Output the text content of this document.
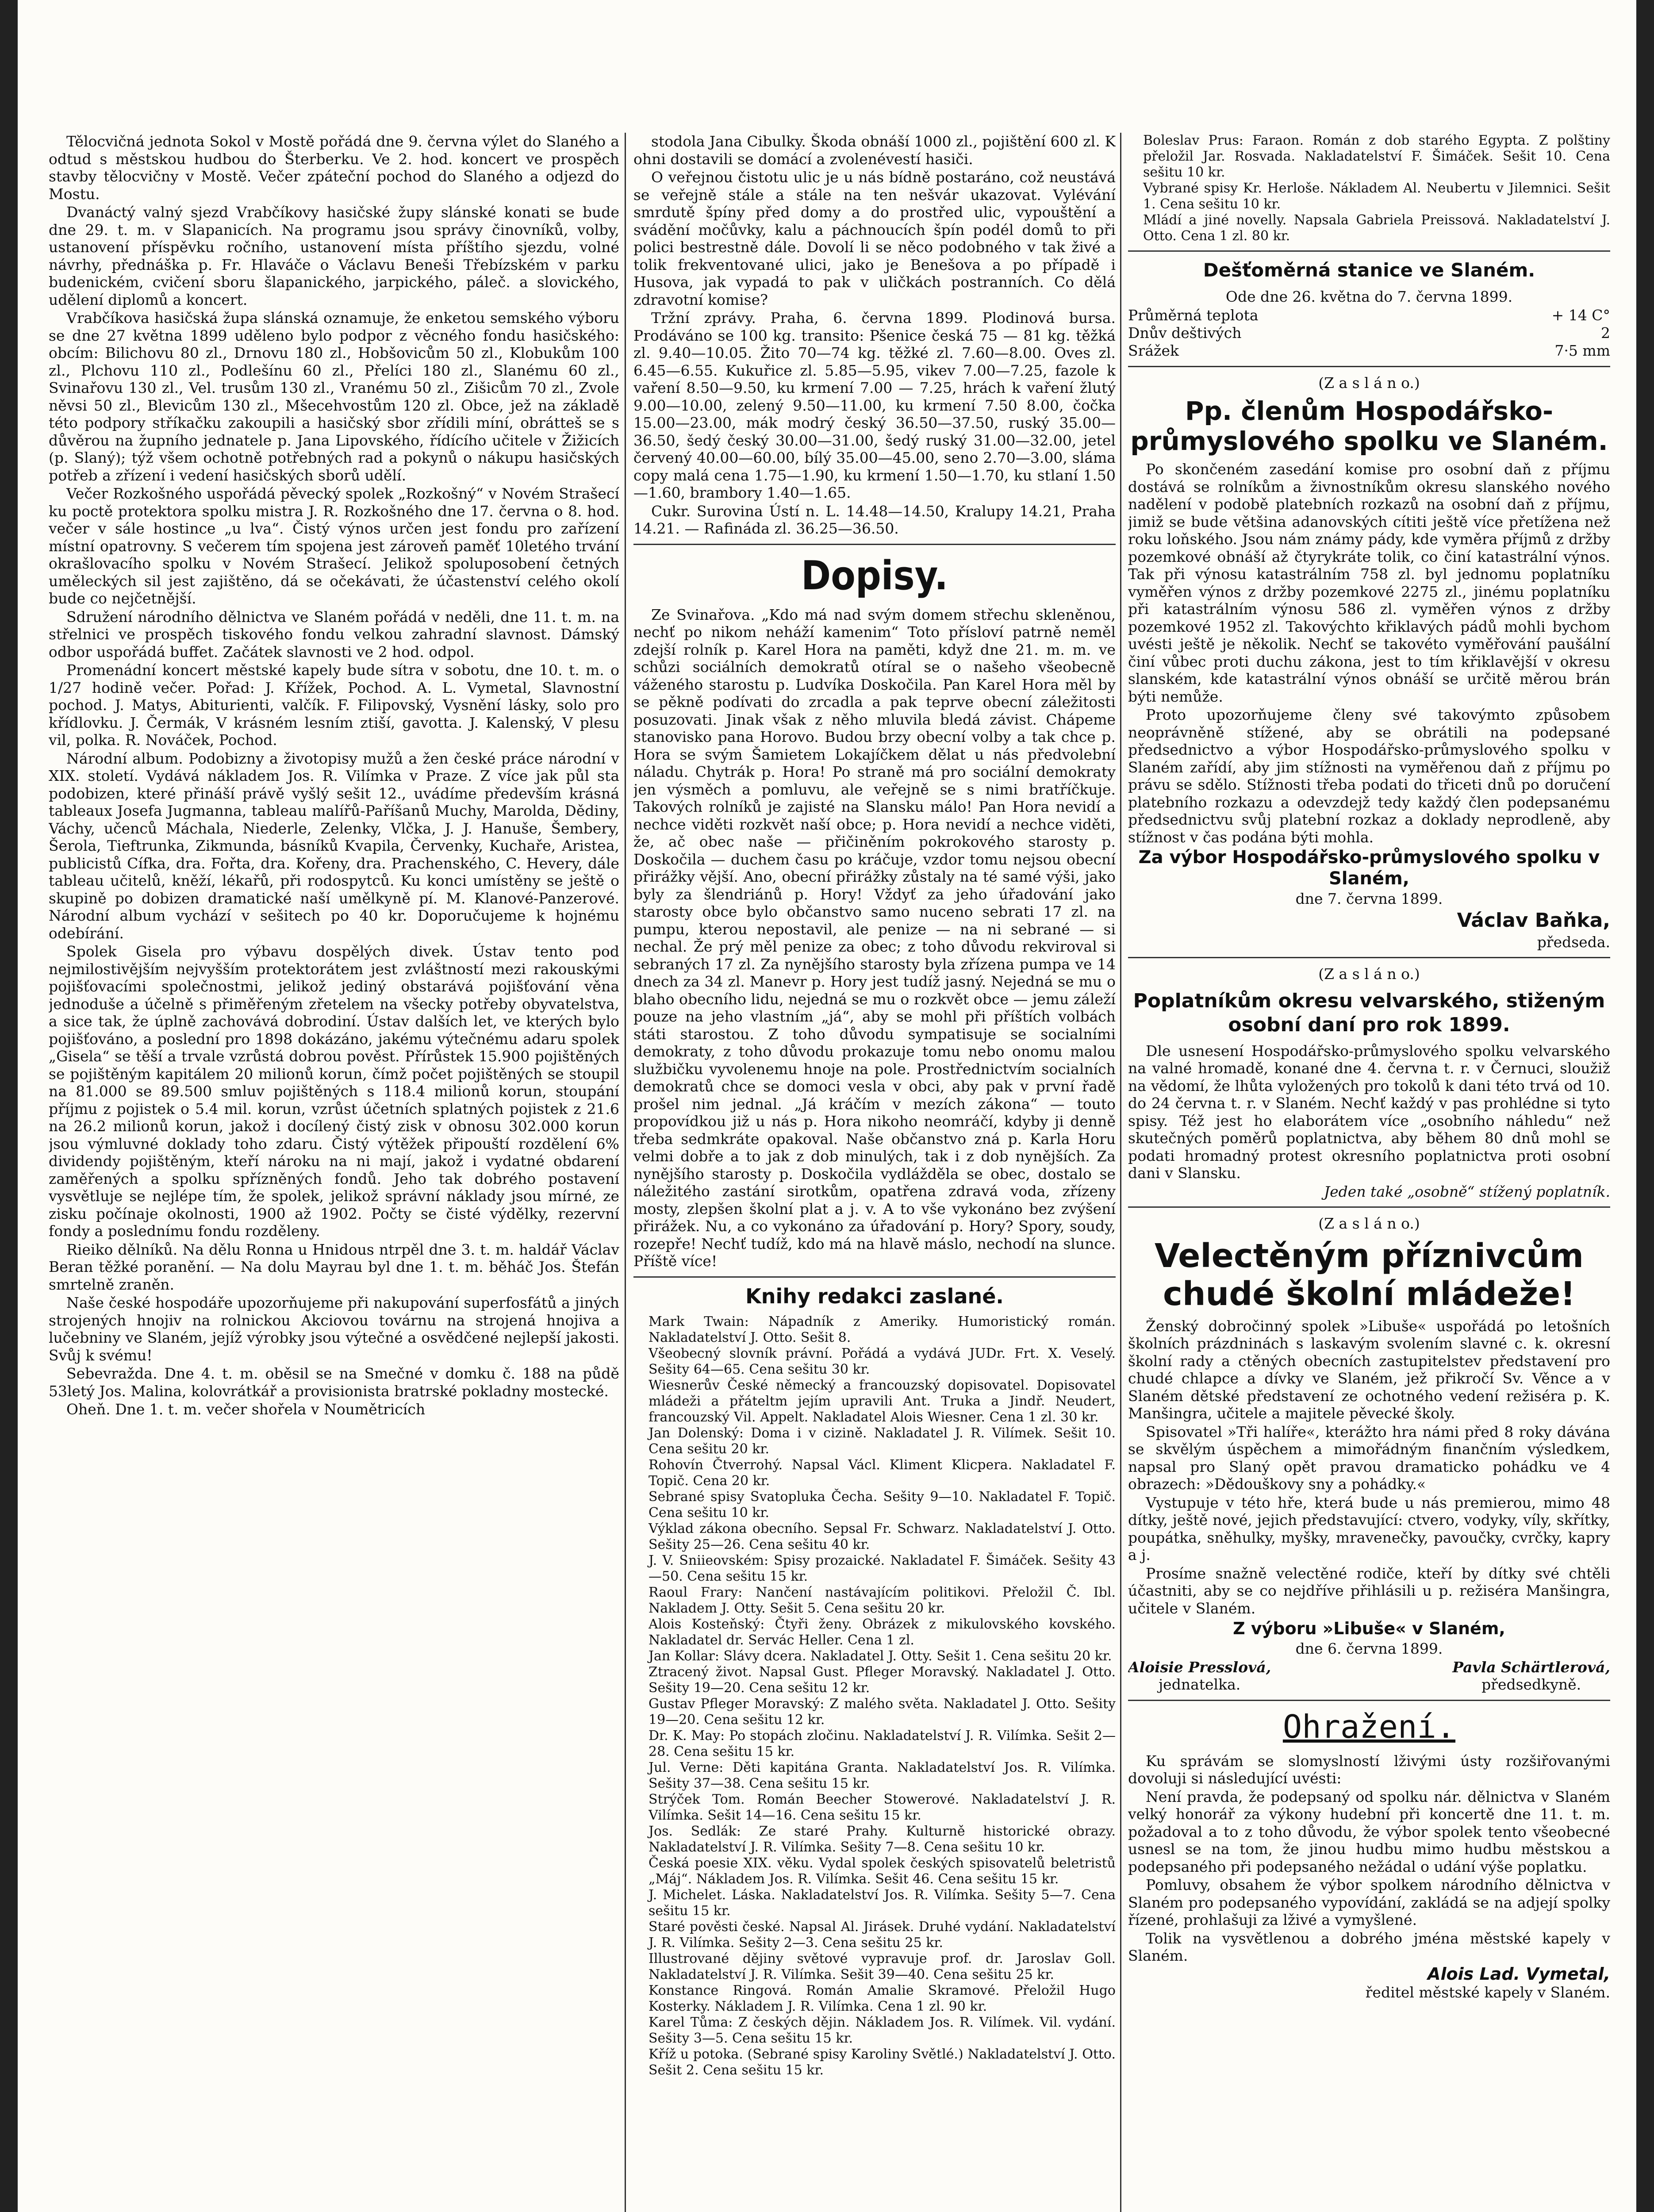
Tělocvičná jednota Sokol v Mostě pořádá dne 9. června výlet do Slaného a odtud s městskou hudbou do Šterberku. Ve 2. hod. koncert ve prospěch stavby tělocvičny v Mostě. Večer zpáteční pochod do Slaného a odjezd do Mostu.

Dvanáctý valný sjezd Vrabčíkovy hasičské župy slánské konati se bude dne 29. t. m. v Slapanicích. Na programu jsou správy činovníků, volby, ustanovení příspěvku ročního, ustanovení místa příštího sjezdu, volné návrhy, přednáška p. Fr. Hlaváče o Václavu Beneši Třebízském v parku budenickém, cvičení sboru šlapanického, jarpického, páleč. a slovického, udělení diplomů a koncert.

Vrabčíkova hasičská župa slánská oznamuje, že enketou semského výboru se dne 27 května 1899 uděleno bylo podpor z věcného fondu hasičského: obcím: Bilichovu 80 zl., Drnovu 180 zl., Hobšovicům 50 zl., Klobukům 100 zl., Plchovu 110 zl., Podlešínu 60 zl., Přelíci 180 zl., Slanému 60 zl., Svinařovu 130 zl., Vel. trusům 130 zl., Vranému 50 zl., Zišicům 70 zl., Zvole něvsi 50 zl., Blevicům 130 zl., Mšecehvostům 120 zl. Obce, jež na základě této podpory stříkačku zakoupili a hasičský sbor zřídili míní, obrátteš se s důvěrou na župního jednatele p. Jana Lipovského, řídícího učitele v Žižicích (p. Slaný); týž všem ochotně potřebných rad a pokynů o nákupu hasičských potřeb a zřízení i vedení hasičských sborů udělí.

Večer Rozkošného uspořádá pěvecký spolek „Rozkošný“ v Novém Strašecí ku poctě protektora spolku mistra J. R. Rozkošného dne 17. června o 8. hod. večer v sále hostince „u lva“. Čistý výnos určen jest fondu pro zařízení místní opatrovny. S večerem tím spojena jest zároveň paměť 10letého trvání okrašlovacího spolku v Novém Strašecí. Jelikož spoluposobení četných uměleckých sil jest zajištěno, dá se očekávati, že účastenství celého okolí bude co nejčetnější.

Sdružení národního dělnictva ve Slaném pořádá v neděli, dne 11. t. m. na střelnici ve prospěch tiskového fondu velkou zahradní slavnost. Dámský odbor uspořádá buffet. Začátek slavnosti ve 2 hod. odpol.

Promenádní koncert městské kapely bude sítra v sobotu, dne 10. t. m. o 1/27 hodině večer. Pořad: J. Křížek, Pochod. A. L. Vymetal, Slavnostní pochod. J. Matys, Abiturienti, valčík. F. Filipovský, Vysnění lásky, solo pro křídlovku. J. Čermák, V krásném lesním ztiší, gavotta. J. Kalenský, V plesu vil, polka. R. Nováček, Pochod.

Národní album. Podobizny a životopisy mužů a žen české práce národní v XIX. století. Vydává nákladem Jos. R. Vilímka v Praze. Z více jak půl sta podobizen, které přináší právě vyšlý sešit 12., uvádíme především krásná tableaux Josefa Jugmanna, tableau malířů-Paříšanů Muchy, Marolda, Dědiny, Váchy, učenců Máchala, Niederle, Zelenky, Vlčka, J. J. Hanuše, Šembery, Šerola, Tieftrunka, Zikmunda, básníků Kvapila, Červenky, Kuchaře, Aristea, publicistů Cífka, dra. Fořta, dra. Kořeny, dra. Prachenského, C. Hevery, dále tableau učitelů, kněží, lékařů, při rodospytců. Ku konci umístěny se ještě o skupině po dobizen dramatické naší umělkyně pí. M. Klanové-Panzerové. Národní album vychází v sešitech po 40 kr. Doporučujeme k hojnému odebírání.

Spolek Gisela pro výbavu dospělých divek. Ústav tento pod nejmilostivějším nejvyšším protektorátem jest zvláštností mezi rakouskými pojišťovacími společnostmi, jelikož jediný obstarává pojišťování věna jednoduše a účelně s přiměřeným zřetelem na všecky potřeby obyvatelstva, a sice tak, že úplně zachovává dobrodiní. Ústav dalších let, ve kterých bylo pojišťováno, a poslední pro 1898 dokázáno, jakému výtečnému adaru spolek „Gisela“ se těší a trvale vzrůstá dobrou pověst. Přírůstek 15.900 pojištěných se pojištěným kapitálem 20 milionů korun, čímž počet pojištěných se stoupil na 81.000 se 89.500 smluv pojištěných s 118.4 milionů korun, stoupání příjmu z pojistek o 5.4 mil. korun, vzrůst účetních splatných pojistek z 21.6 na 26.2 milionů korun, jakož i docílený čistý zisk v obnosu 302.000 korun jsou výmluvné doklady toho zdaru. Čistý výtěžek připouští rozdělení 6% dividendy pojištěným, kteří nároku na ni mají, jakož i vydatné obdarení zaměřených a spolku spřízněných fondů. Jeho tak dobrého postavení vysvětluje se nejlépe tím, že spolek, jelikož správní náklady jsou mírné, ze zisku počínaje okolnosti, 1900 až 1902. Počty se čisté výdělky, rezervní fondy a poslednímu fondu rozděleny.

Rieiko dělníků. Na dělu Ronna u Hnidous ntrpěl dne 3. t. m. haldář Václav Beran těžké poranění. — Na dolu Mayrau byl dne 1. t. m. běháč Jos. Štefán smrtelně zraněn.

Naše české hospodáře upozorňujeme při nakupování superfosfátů a jiných strojených hnojiv na rolnickou Akciovou továrnu na strojená hnojiva a lučebniny ve Slaném, jejíž výrobky jsou výtečné a osvědčené nejlepší jakosti. Svůj k svému!

Sebevražda. Dne 4. t. m. oběsil se na Smečné v domku č. 188 na půdě 53letý Jos. Malina, kolovrátkář a provisionista bratrské pokladny mostecké.

Oheň. Dne 1. t. m. večer shořela v Noumětricích

stodola Jana Cibulky. Škoda obnáší 1000 zl., pojištění 600 zl. K ohni dostavili se domácí a zvolenévestí hasiči.

O veřejnou čistotu ulic je u nás bídně postaráno, což neustává se veřejně stále a stále na ten nešvár ukazovat. Vylévání smrdutě špíny před domy a do prostřed ulic, vypouštění a svádění močůvky, kalu a páchnoucích špín podél domů to při polici bestrestně dále. Dovolí li se něco podobného v tak živé a tolik frekventované ulici, jako je Benešova a po případě i Husova, jak vypadá to pak v uličkách postranních. Co dělá zdravotní komise?

Tržní zprávy. Praha, 6. června 1899. Plodinová bursa. Prodáváno se 100 kg. transito: Pšenice česká 75 — 81 kg. těžká zl. 9.40—10.05. Žito 70—74 kg. těžké zl. 7.60—8.00. Oves zl. 6.45—6.55. Kukuřice zl. 5.85—5.95, vikev 7.00—7.25, fazole k vaření 8.50—9.50, ku krmení 7.00 — 7.25, hrách k vaření žlutý 9.00—10.00, zelený 9.50—11.00, ku krmení 7.50 8.00, čočka 15.00—23.00, mák modrý český 36.50—37.50, ruský 35.00—36.50, šedý český 30.00—31.00, šedý ruský 31.00—32.00, jetel červený 40.00—60.00, bílý 35.00—45.00, seno 2.70—3.00, sláma copy malá cena 1.75—1.90, ku krmení 1.50—1.70, ku stlaní 1.50—1.60, brambory 1.40—1.65.

Cukr. Surovina Ústí n. L. 14.48—14.50, Kralupy 14.21, Praha 14.21. — Rafináda zl. 36.25—36.50.

Dopisy.

Ze Svinařova. „Kdo má nad svým domem střechu skleněnou, nechť po nikom neháží kamenim“ Toto přísloví patrně neměl zdejší rolník p. Karel Hora na paměti, když dne 21. m. m. ve schůzi sociálních demokratů otíral se o našeho všeobecně váženého starostu p. Ludvíka Doskočila. Pan Karel Hora měl by se pěkně podívati do zrcadla a pak teprve obecní záležitosti posuzovati. Jinak však z něho mluvila bledá závist. Chápeme stanovisko pana Horovo. Budou brzy obecní volby a tak chce p. Hora se svým Šamietem Lokajíčkem dělat u nás předvolební náladu. Chytrák p. Hora! Po straně má pro sociální demokraty jen výsměch a pomluvu, ale veřejně se s nimi bratříčkuje. Takových rolníků je zajisté na Slansku málo! Pan Hora nevidí a nechce viděti rozkvět naší obce; p. Hora nevidí a nechce viděti, že, ač obec naše — přičiněním pokrokového starosty p. Doskočila — duchem času po kráčuje, vzdor tomu nejsou obecní přirážky vější. Ano, obecní přirážky zůstaly na té samé výši, jako byly za šlendriánů p. Hory! Vždyť za jeho úřadování jako starosty obce bylo občanstvo samo nuceno sebrati 17 zl. na pumpu, kterou nepostavil, ale penize — na ni sebrané — si nechal. Že prý měl penize za obec; z toho důvodu rekviroval si sebraných 17 zl. Za nynějšího starosty byla zřízena pumpa ve 14 dnech za 34 zl. Manevr p. Hory jest tudíž jasný. Nejedná se mu o blaho obecního lidu, nejedná se mu o rozkvět obce — jemu záleží pouze na jeho vlastním „já“, aby se mohl při příštích volbách státi starostou. Z toho důvodu sympatisuje se socialními demokraty, z toho důvodu prokazuje tomu nebo onomu malou službičku vyvolenemu hnoje na pole. Prostřednictvím socialních demokratů chce se domoci vesla v obci, aby pak v první řadě prošel nim jednal. „Já kráčím v mezích zákona“ — touto propovídkou již u nás p. Hora nikoho neomráčí, kdyby ji denně třeba sedmkráte opakoval. Naše občanstvo zná p. Karla Horu velmi dobře a to jak z dob minulých, tak i z dob nynějších. Za nynějšího starosty p. Doskočila vydlážděla se obec, dostalo se náležitého zastání sirotkům, opatřena zdravá voda, zřízeny mosty, zlepšen školní plat a j. v. A to vše vykonáno bez zvýšení přirážek. Nu, a co vykonáno za úřadování p. Hory? Spory, soudy, rozepře! Nechť tudíž, kdo má na hlavě máslo, nechodí na slunce. Příště více!

Knihy redakci zaslané.

Mark Twain: Nápadník z Ameriky. Humoristický román. Nakladatelství J. Otto. Sešit 8.

Všeobecný slovník právní. Pořádá a vydává JUDr. Frt. X. Veselý. Sešity 64—65. Cena sešitu 30 kr.

Wiesnerův České německý a francouzský dopisovatel. Dopisovatel mládeži a přáteltm jejím upravili Ant. Truka a Jindř. Neudert, francouzský Vil. Appelt. Nakladatel Alois Wiesner. Cena 1 zl. 30 kr.

Jan Dolenský: Doma i v cizině. Nakladatel J. R. Vilímek. Sešit 10. Cena sešitu 20 kr.

Rohovín Čtverrohý. Napsal Václ. Kliment Klicpera. Nakladatel F. Topič. Cena 20 kr.

Sebrané spisy Svatopluka Čecha. Sešity 9—10. Nakladatel F. Topič. Cena sešitu 10 kr.

Výklad zákona obecního. Sepsal Fr. Schwarz. Nakladatelství J. Otto. Sešity 25—26. Cena sešitu 40 kr.

J. V. Sniieovském: Spisy prozaické. Nakladatel F. Šimáček. Sešity 43—50. Cena sešitu 15 kr.

Raoul Frary: Nančení nastávajícím politikovi. Přeložil Č. Ibl. Nakladem J. Otty. Sešit 5. Cena sešitu 20 kr.

Alois Kosteňský: Čtyři ženy. Obrázek z mikulovského kovského. Nakladatel dr. Servác Heller. Cena 1 zl.

Jan Kollar: Slávy dcera. Nakladatel J. Otty. Sešit 1. Cena sešitu 20 kr.

Ztracený život. Napsal Gust. Pfleger Moravský. Nakladatel J. Otto. Sešity 19—20. Cena sešitu 12 kr.

Gustav Pfleger Moravský: Z malého světa. Nakladatel J. Otto. Sešity 19—20. Cena sešitu 12 kr.

Dr. K. May: Po stopách zločinu. Nakladatelství J. R. Vilímka. Sešit 2—28. Cena sešitu 15 kr.

Jul. Verne: Děti kapitána Granta. Nakladatelství Jos. R. Vilímka. Sešity 37—38. Cena sešitu 15 kr.

Strýček Tom. Román Beecher Stowerové. Nakladatelství J. R. Vilímka. Sešit 14—16. Cena sešitu 15 kr.

Jos. Sedlák: Ze staré Prahy. Kulturně historické obrazy. Nakladatelství J. R. Vilímka. Sešity 7—8. Cena sešitu 10 kr.

Česká poesie XIX. věku. Vydal spolek českých spisovatelů beletristů „Máj“. Nákladem Jos. R. Vilímka. Sešit 46. Cena sešitu 15 kr.

J. Michelet. Láska. Nakladatelství Jos. R. Vilímka. Sešity 5—7. Cena sešitu 15 kr.

Staré pověsti české. Napsal Al. Jirásek. Druhé vydání. Nakladatelství J. R. Vilímka. Sešity 2—3. Cena sešitu 25 kr.

Illustrované dějiny světové vypravuje prof. dr. Jaroslav Goll. Nakladatelství J. R. Vilímka. Sešit 39—40. Cena sešitu 25 kr.

Konstance Ringová. Román Amalie Skramové. Přeložil Hugo Kosterky. Nákladem J. R. Vilímka. Cena 1 zl. 90 kr.

Karel Tůma: Z českých dějin. Nákladem Jos. R. Vilímek. Vil. vydání. Sešity 3—5. Cena sešitu 15 kr.

Kříž u potoka. (Sebrané spisy Karoliny Světlé.) Nakladatelství J. Otto. Sešit 2. Cena sešitu 15 kr.

Boleslav Prus: Faraon. Román z dob starého Egypta. Z polštiny přeložil Jar. Rosvada. Nakladatelství F. Šimáček. Sešit 10. Cena sešitu 10 kr.

Vybrané spisy Kr. Herloše. Nákladem Al. Neubertu v Jilemnici. Sešit 1. Cena sešitu 10 kr.

Mládí a jiné novelly. Napsala Gabriela Preissová. Nakladatelství J. Otto. Cena 1 zl. 80 kr.

Dešťoměrná stanice ve Slaném.

Ode dne 26. května do 7. června 1899.

Průměrná teplota	+ 14 C°
Dnův deštivých	2
Srážek	7·5 mm

(Z a s l á n o.)

Pp. členům Hospodářsko-průmyslového spolku ve Slaném.

Po skončeném zasedání komise pro osobní daň z příjmu dostává se rolníkům a živnostníkům okresu slanského nového nadělení v podobě platebních rozkazů na osobní daň z příjmu, jimiž se bude většina adanovských cítiti ještě více přetížena než roku loňského. Jsou nám známy pády, kde vyměra příjmů z držby pozemkové obnáší až čtyrykráte tolik, co činí katastrální výnos. Tak při výnosu katastrálním 758 zl. byl jednomu poplatníku vyměřen výnos z držby pozemkové 2275 zl., jinému poplatníku při katastrálním výnosu 586 zl. vyměřen výnos z držby pozemkové 1952 zl. Takovýchto křiklavých pádů mohli bychom uvésti ještě je několik. Nechť se takovéto vyměřování paušální činí vůbec proti duchu zákona, jest to tím křiklavější v okresu slanském, kde katastrální výnos obnáší se určitě měrou brán býti nemůže.

Proto upozorňujeme členy své takovýmto způsobem neoprávněně stížené, aby se obrátili na podepsané předsednictvo a výbor Hospodářsko-průmyslového spolku v Slaném zařídí, aby jim stížnosti na vyměřenou daň z příjmu po právu se sdělo. Stížnosti třeba podati do třiceti dnů po doručení platebního rozkazu a odevzdejž tedy každý člen podepsanému předsednictvu svůj platební rozkaz a doklady neprodleně, aby stížnost v čas podána býti mohla.

Za výbor Hospodářsko-průmyslového spolku v Slaném,

dne 7. června 1899.

Václav Baňka,

předseda.

(Z a s l á n o.)

Poplatníkům okresu velvarského, stiženým osobní daní pro rok 1899.

Dle usnesení Hospodářsko-průmyslového spolku velvarského na valné hromadě, konané dne 4. června t. r. v Černuci, sloužiž na vědomí, že lhůta vyložených pro tokolů k dani této trvá od 10. do 24 června t. r. v Slaném. Nechť každý v pas prohlédne si tyto spisy. Též jest ho elaborátem více „osobního náhledu“ než skutečných poměrů poplatnictva, aby během 80 dnů mohl se podati hromadný protest okresního poplatnictva proti osobní dani v Slansku.

Jeden také „osobně“ stížený poplatník.

(Z a s l á n o.)

Velectěným příznivcům chudé školní mládeže!

Ženský dobročinný spolek »Libuše« uspořádá po letošních školních prázdninách s laskavým svolením slavné c. k. okresní školní rady a ctěných obecních zastupitelstev představení pro chudé chlapce a dívky ve Slaném, jež přikročí Sv. Věnce a v Slaném dětské představení ze ochotného vedení režiséra p. K. Manšingra, učitele a majitele pěvecké školy.

Spisovatel »Tři halíře«, kterážto hra námi před 8 roky dávána se skvělým úspěchem a mimořádným finančním výsledkem, napsal pro Slaný opět pravou dramaticko pohádku ve 4 obrazech: »Dědouškovy sny a pohádky.«

Vystupuje v této hře, která bude u nás premierou, mimo 48 dítky, ještě nové, jejich představující: ctvero, vodyky, víly, skřítky, poupátka, sněhulky, myšky, mravenečky, pavoučky, cvrčky, kapry a j.

Prosíme snažně velectěné rodiče, kteří by dítky své chtěli účastniti, aby se co nejdříve přihlásili u p. režiséra Manšingra, učitele v Slaném.

Z výboru »Libuše« v Slaném,

dne 6. června 1899.

Aloisie Presslová,
jednatelka.
Pavla Schärtlerová,
předsedkyně.
Ohražení.

Ku správám se slomyslností lživými ústy rozšiřovanými dovoluji si následující uvésti:

Není pravda, že podepsaný od spolku nár. dělnictva v Slaném velký honorář za výkony hudební při koncertě dne 11. t. m. požadoval a to z toho důvodu, že výbor spolek tento všeobecné usnesl se na tom, že jinou hudbu mimo hudbu městskou a podepsaného při podepsaného nežádal o udání výše poplatku.

Pomluvy, obsahem že výbor spolkem národního dělnictva v Slaném pro podepsaného vypovídání, zakládá se na adjejí spolky řízené, prohlašuji za lživé a vymyšlené.

Tolik na vysvětlenou a dobrého jména městské kapely v Slaném.

Alois Lad. Vymetal,

ředitel městské kapely v Slaném.
